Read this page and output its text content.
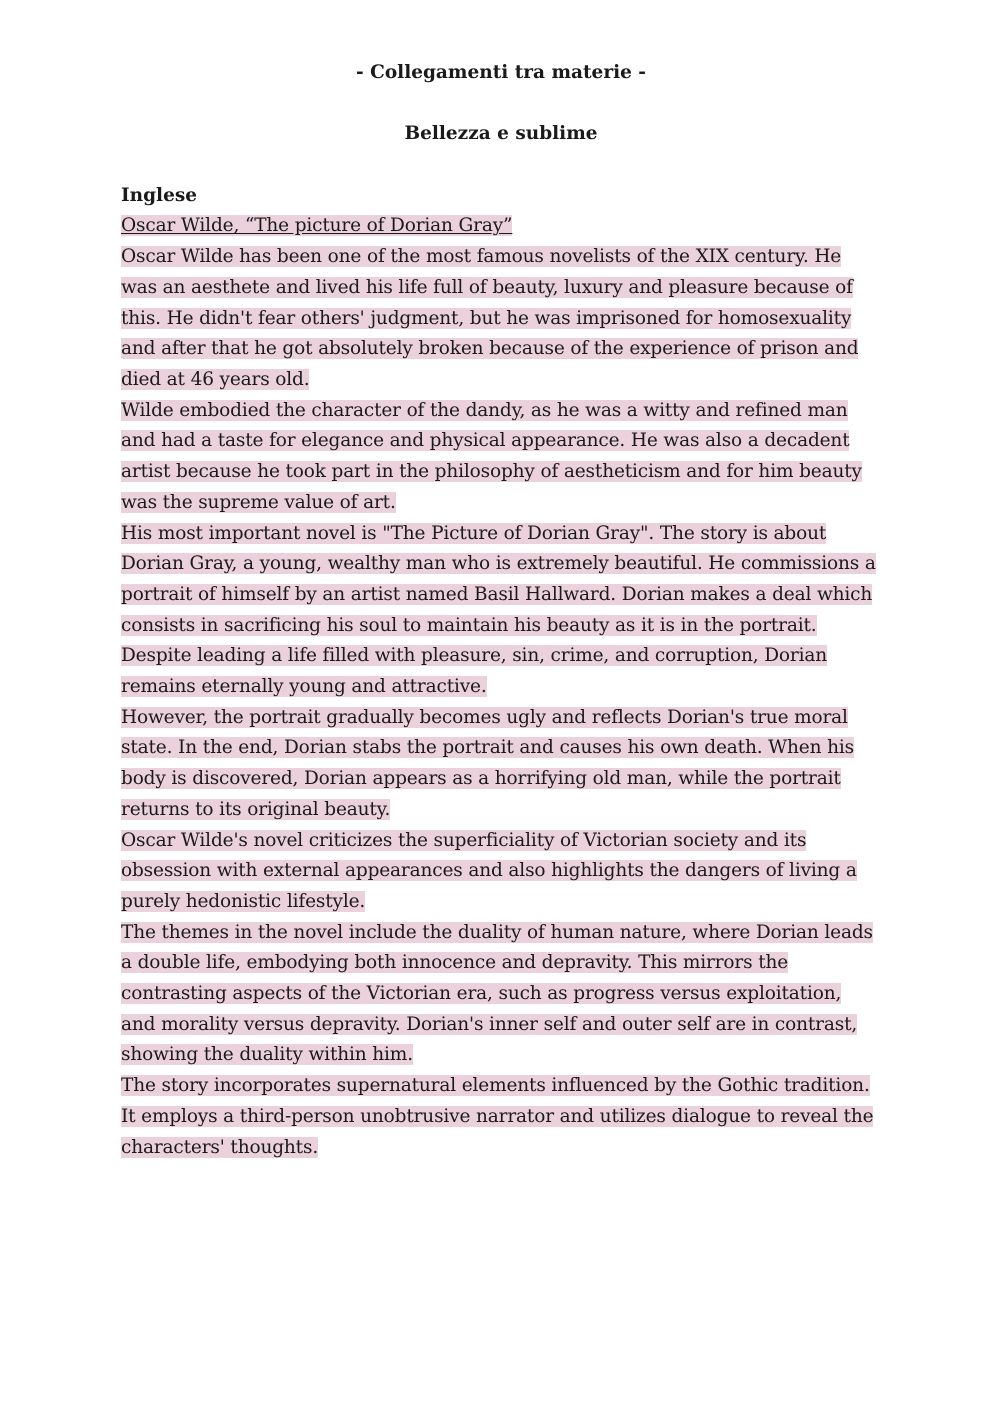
- Collegamenti tra materie -

Bellezza e sublime

Inglese

Oscar Wilde, “The picture of Dorian Gray”

Oscar Wilde has been one of the most famous novelists of the XIX century. He was an aesthete and lived his life full of beauty, luxury and pleasure because of this. He didn't fear others' judgment, but he was imprisoned for homosexuality and after that he got absolutely broken because of the experience of prison and died at 46 years old.

Wilde embodied the character of the dandy, as he was a witty and refined man and had a taste for elegance and physical appearance. He was also a decadent artist because he took part in the philosophy of aestheticism and for him beauty was the supreme value of art.

His most important novel is "The Picture of Dorian Gray". The story is about Dorian Gray, a young, wealthy man who is extremely beautiful. He commissions a portrait of himself by an artist named Basil Hallward. Dorian makes a deal which consists in sacrificing his soul to maintain his beauty as it is in the portrait. Despite leading a life filled with pleasure, sin, crime, and corruption, Dorian remains eternally young and attractive.

However, the portrait gradually becomes ugly and reflects Dorian's true moral state. In the end, Dorian stabs the portrait and causes his own death. When his body is discovered, Dorian appears as a horrifying old man, while the portrait returns to its original beauty.

Oscar Wilde's novel criticizes the superficiality of Victorian society and its obsession with external appearances and also highlights the dangers of living a purely hedonistic lifestyle.

The themes in the novel include the duality of human nature, where Dorian leads a double life, embodying both innocence and depravity. This mirrors the contrasting aspects of the Victorian era, such as progress versus exploitation, and morality versus depravity. Dorian's inner self and outer self are in contrast, showing the duality within him.

The story incorporates supernatural elements influenced by the Gothic tradition. It employs a third-person unobtrusive narrator and utilizes dialogue to reveal the characters' thoughts.
